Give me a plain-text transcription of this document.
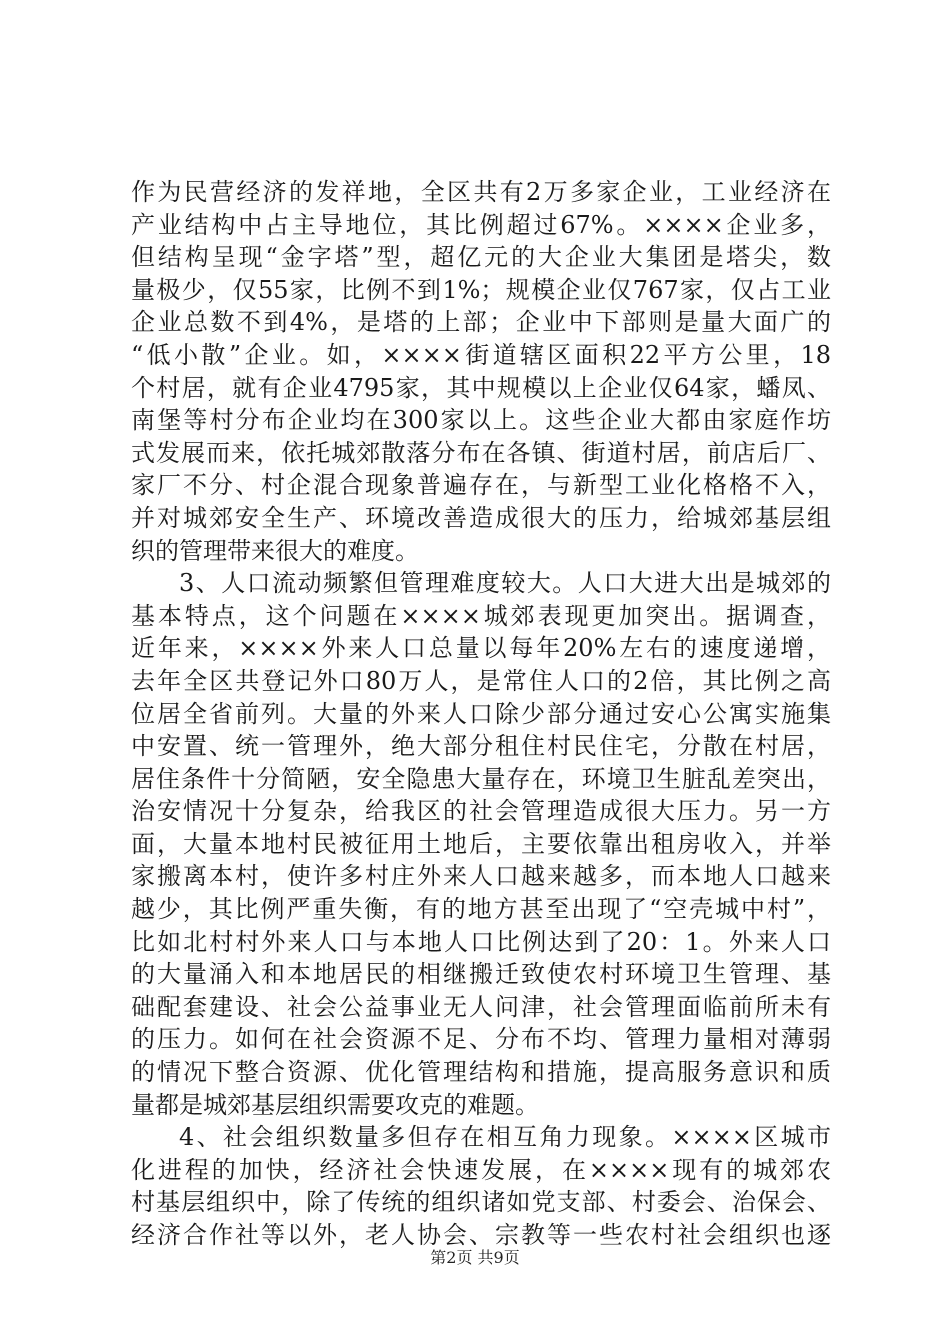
作为民营经济的发祥地，全区共有2万多家企业，工业经济在
产业结构中占主导地位，其比例超过67%。××××企业多，
但结构呈现“金字塔”型，超亿元的大企业大集团是塔尖，数
量极少，仅55家，比例不到1%；规模企业仅767家，仅占工业
企业总数不到4%，是塔的上部；企业中下部则是量大面广的
“低小散”企业。如，××××街道辖区面积22平方公里，18
个村居，就有企业4795家，其中规模以上企业仅64家，蟠凤、
南堡等村分布企业均在300家以上。这些企业大都由家庭作坊
式发展而来，依托城郊散落分布在各镇、街道村居，前店后厂、
家厂不分、村企混合现象普遍存在，与新型工业化格格不入，
并对城郊安全生产、环境改善造成很大的压力，给城郊基层组
织的管理带来很大的难度。
3、人口流动频繁但管理难度较大。人口大进大出是城郊的
基本特点，这个问题在××××城郊表现更加突出。据调查，
近年来，××××外来人口总量以每年20%左右的速度递增，
去年全区共登记外口80万人，是常住人口的2倍，其比例之高
位居全省前列。大量的外来人口除少部分通过安心公寓实施集
中安置、统一管理外，绝大部分租住村民住宅，分散在村居，
居住条件十分简陋，安全隐患大量存在，环境卫生脏乱差突出，
治安情况十分复杂，给我区的社会管理造成很大压力。另一方
面，大量本地村民被征用土地后，主要依靠出租房收入，并举
家搬离本村，使许多村庄外来人口越来越多，而本地人口越来
越少，其比例严重失衡，有的地方甚至出现了“空壳城中村”，
比如北村村外来人口与本地人口比例达到了20：1。外来人口
的大量涌入和本地居民的相继搬迁致使农村环境卫生管理、基
础配套建设、社会公益事业无人问津，社会管理面临前所未有
的压力。如何在社会资源不足、分布不均、管理力量相对薄弱
的情况下整合资源、优化管理结构和措施，提高服务意识和质
量都是城郊基层组织需要攻克的难题。
4、社会组织数量多但存在相互角力现象。××××区城市
化进程的加快，经济社会快速发展，在××××现有的城郊农
村基层组织中，除了传统的组织诸如党支部、村委会、治保会、
经济合作社等以外，老人协会、宗教等一些农村社会组织也逐
第2页 共9页
